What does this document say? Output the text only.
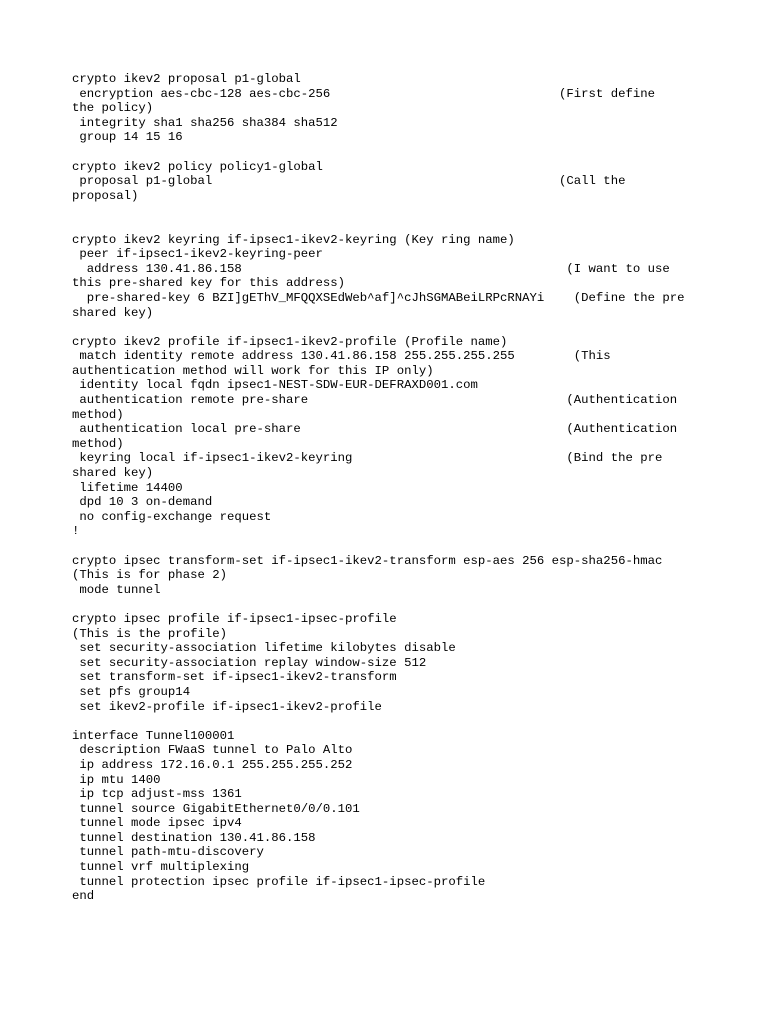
crypto ikev2 proposal p1-global
encryption aes-cbc-128 aes-cbc-256                               (First define
the policy)
integrity sha1 sha256 sha384 sha512
group 14 15 16
crypto ikev2 policy policy1-global
proposal p1-global                                               (Call the
proposal)
crypto ikev2 keyring if-ipsec1-ikev2-keyring (Key ring name)
peer if-ipsec1-ikev2-keyring-peer
address 130.41.86.158                                            (I want to use
this pre-shared key for this address)
pre-shared-key 6 BZI]gEThV_MFQQXSEdWeb^af]^cJhSGMABeiLRPcRNAYi    (Define the pre
shared key)
crypto ikev2 profile if-ipsec1-ikev2-profile (Profile name)
match identity remote address 130.41.86.158 255.255.255.255        (This
authentication method will work for this IP only)
identity local fqdn ipsec1-NEST-SDW-EUR-DEFRAXD001.com
authentication remote pre-share                                   (Authentication
method)
authentication local pre-share                                    (Authentication
method)
keyring local if-ipsec1-ikev2-keyring                             (Bind the pre
shared key)
lifetime 14400
dpd 10 3 on-demand
no config-exchange request
!
crypto ipsec transform-set if-ipsec1-ikev2-transform esp-aes 256 esp-sha256-hmac
(This is for phase 2)
mode tunnel
crypto ipsec profile if-ipsec1-ipsec-profile
(This is the profile)
set security-association lifetime kilobytes disable
set security-association replay window-size 512
set transform-set if-ipsec1-ikev2-transform
set pfs group14
set ikev2-profile if-ipsec1-ikev2-profile
interface Tunnel100001
description FWaaS tunnel to Palo Alto
ip address 172.16.0.1 255.255.255.252
ip mtu 1400
ip tcp adjust-mss 1361
tunnel source GigabitEthernet0/0/0.101
tunnel mode ipsec ipv4
tunnel destination 130.41.86.158
tunnel path-mtu-discovery
tunnel vrf multiplexing
tunnel protection ipsec profile if-ipsec1-ipsec-profile
end
